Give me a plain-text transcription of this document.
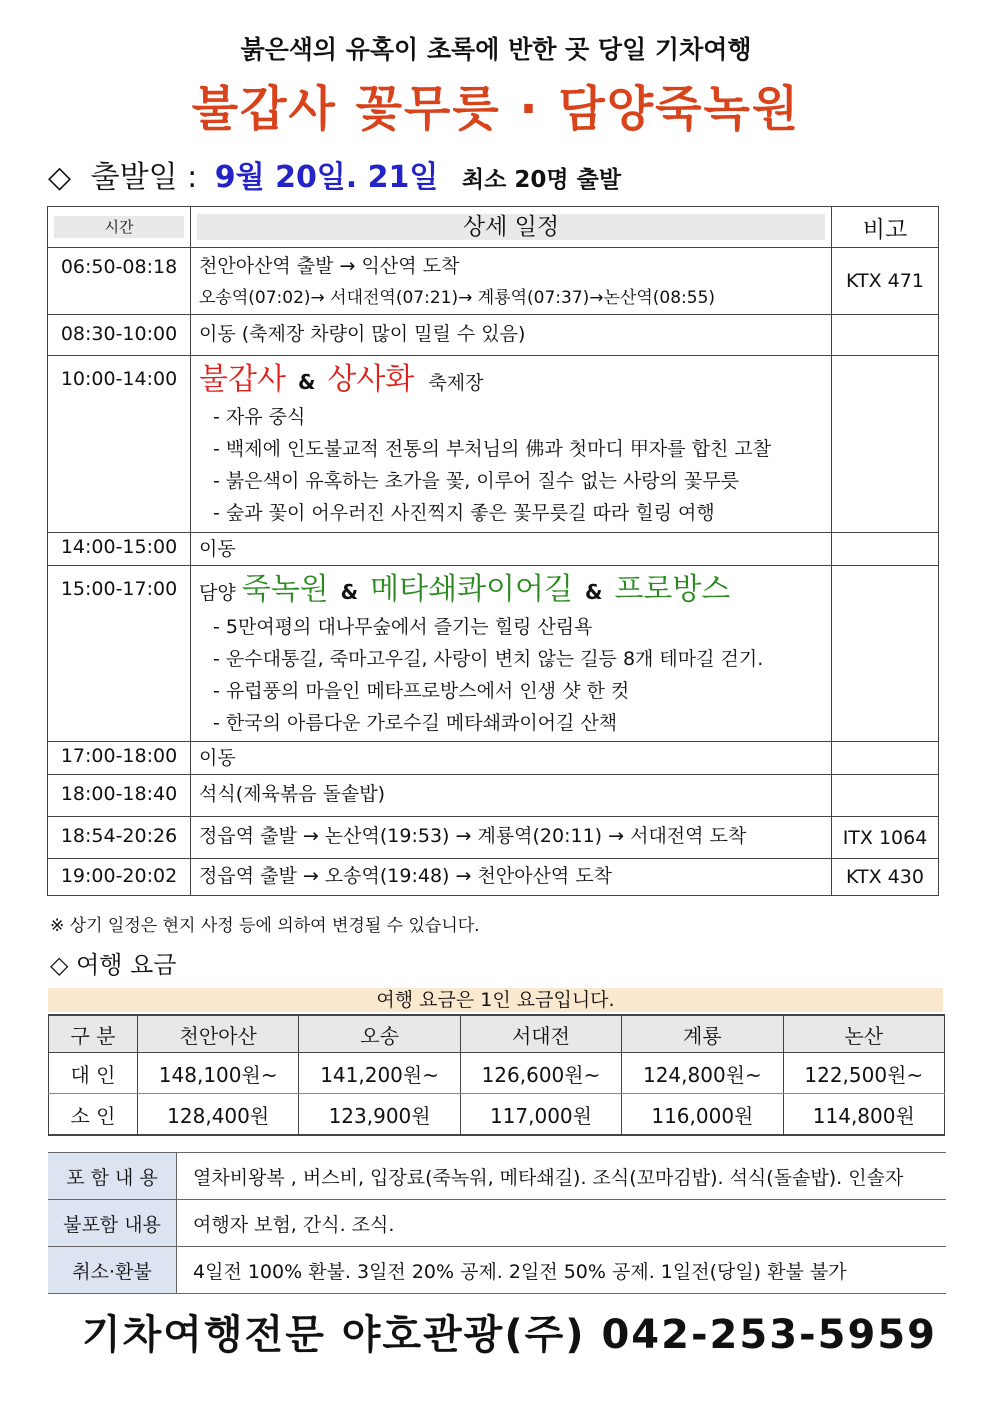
붉은색의 유혹이 초록에 반한 곳 당일 기차여행
불갑사 꽃무릇 · 담양죽녹원
◇ 출발일 : 9월 20일. 21일 최소 20명 출발
시간	상세 일정	비고
06:50-08:18	천안아산역 출발 → 익산역 도착
오송역(07:02)→ 서대전역(07:21)→ 계룡역(07:37)→논산역(08:55)	KTX 471
08:30-10:00	이동 (축제장 차량이 많이 밀릴 수 있음)	
10:00-14:00	불갑사 & 상사화 축제장
- 자유 중식
- 백제에 인도불교적 전통의 부처님의 佛과 첫마디 甲자를 합친 고찰
- 붉은색이 유혹하는 초가을 꽃, 이루어 질수 없는 사랑의 꽃무릇
- 숲과 꽃이 어우러진 사진찍지 좋은 꽃무릇길 따라 힐링 여행	

14:00-15:00	이동	
15:00-17:00	담양 죽녹원 & 메타쇄콰이어길 & 프로방스
- 5만여평의 대나무숲에서 즐기는 힐링 산림욕
- 운수대통길, 죽마고우길, 사랑이 변치 않는 길등 8개 테마길 걷기.
- 유럽풍의 마을인 메타프로방스에서 인생 샷 한 컷
- 한국의 아름다운 가로수길 메타쇄콰이어길 산책	

17:00-18:00	이동	
18:00-18:40	석식(제육볶음 돌솥밥)	
18:54-20:26	정읍역 출발 → 논산역(19:53) → 계룡역(20:11) → 서대전역 도착	ITX 1064
19:00-20:02	정읍역 출발 → 오송역(19:48) → 천안아산역 도착	KTX 430
※ 상기 일정은 현지 사정 등에 의하여 변경될 수 있습니다.
◇ 여행 요금
여행 요금은 1인 요금입니다.
구 분	천안아산	오송	서대전	계룡	논산
대 인	148,100원~	141,200원~	126,600원~	124,800원~	122,500원~
소 인	128,400원	123,900원	117,000원	116,000원	114,800원
포 함 내 용	열차비왕복 , 버스비, 입장료(죽녹워, 메타쇄길). 조식(꼬마김밥). 석식(돌솥밥). 인솔자
불포함 내용	여행자 보험, 간식. 조식.
취소·환불	4일전 100% 환불. 3일전 20% 공제. 2일전 50% 공제. 1일전(당일) 환불 불가
기차여행전문 야호관광(주) 042-253-5959
